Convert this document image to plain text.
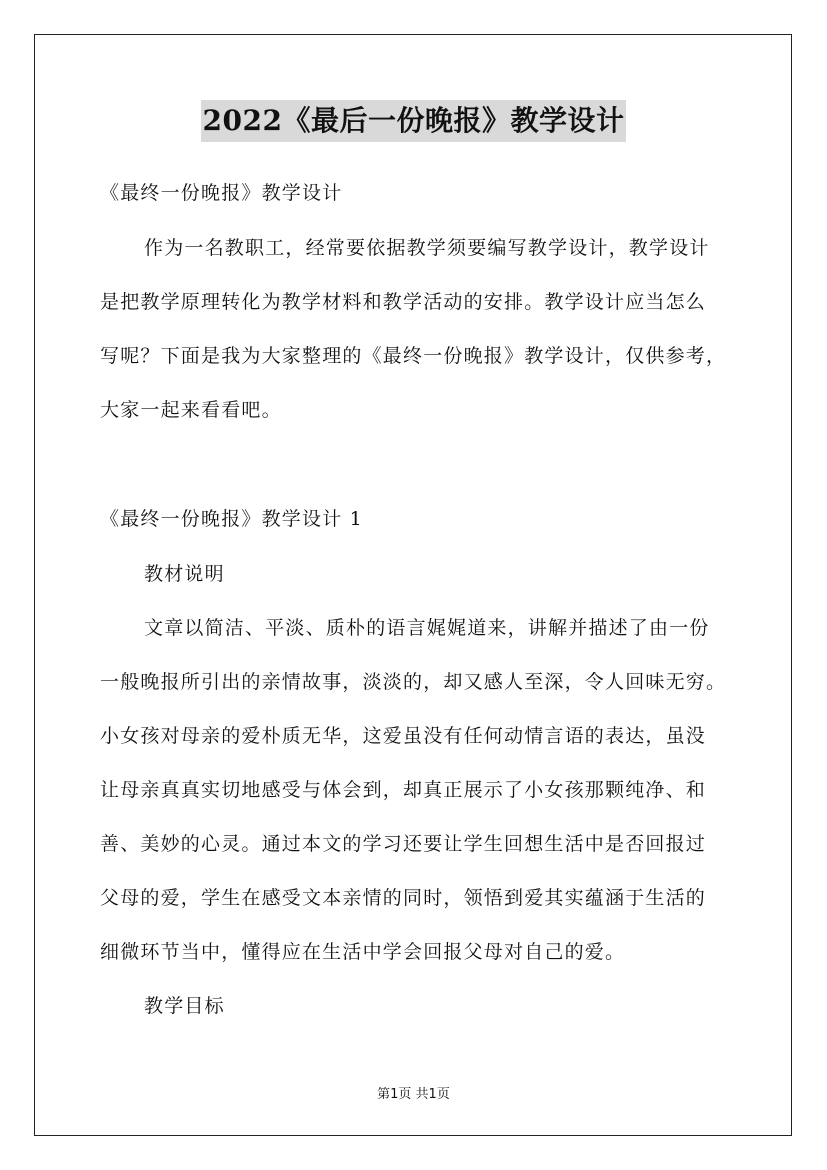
2022《最后一份晚报》教学设计
《最终一份晚报》教学设计
作为一名教职工，经常要依据教学须要编写教学设计，教学设计
是把教学原理转化为教学材料和教学活动的安排。教学设计应当怎么
写呢？下面是我为大家整理的《最终一份晚报》教学设计，仅供参考，
大家一起来看看吧。
《最终一份晚报》教学设计 1
教材说明
文章以简洁、平淡、质朴的语言娓娓道来，讲解并描述了由一份
一般晚报所引出的亲情故事，淡淡的，却又感人至深，令人回味无穷。
小女孩对母亲的爱朴质无华，这爱虽没有任何动情言语的表达，虽没
让母亲真真实切地感受与体会到，却真正展示了小女孩那颗纯净、和
善、美妙的心灵。通过本文的学习还要让学生回想生活中是否回报过
父母的爱，学生在感受文本亲情的同时，领悟到爱其实蕴涵于生活的
细微环节当中，懂得应在生活中学会回报父母对自己的爱。
教学目标
第1页 共1页
